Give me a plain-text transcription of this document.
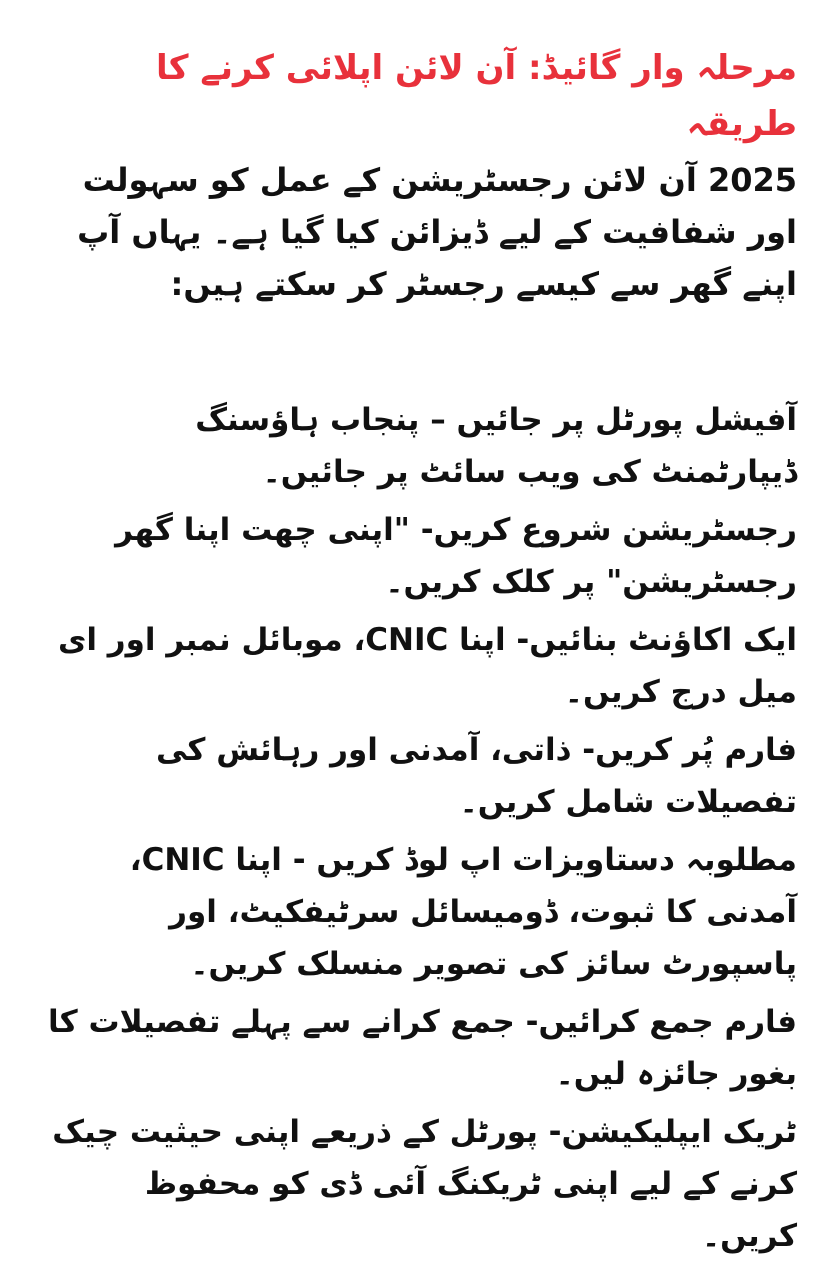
مرحلہ وار گائیڈ: آن لائن اپلائی کرنے کا طریقہ

2025 آن لائن رجسٹریشن کے عمل کو سہولت اور شفافیت کے لیے ڈیزائن کیا گیا ہے۔ یہاں آپ اپنے گھر سے کیسے رجسٹر کر سکتے ہیں:

آفیشل پورٹل پر جائیں – پنجاب ہاؤسنگ ڈیپارٹمنٹ کی ویب سائٹ پر جائیں۔
رجسٹریشن شروع کریں- "اپنی چھت اپنا گھر رجسٹریشن" پر کلک کریں۔
ایک اکاؤنٹ بنائیں- اپنا CNIC، موبائل نمبر اور ای میل درج کریں۔
فارم پُر کریں- ذاتی، آمدنی اور رہائش کی تفصیلات شامل کریں۔
مطلوبہ دستاویزات اپ لوڈ کریں - اپنا CNIC، آمدنی کا ثبوت، ڈومیسائل سرٹیفکیٹ، اور پاسپورٹ سائز کی تصویر منسلک کریں۔
فارم جمع کرائیں- جمع کرانے سے پہلے تفصیلات کا بغور جائزہ لیں۔
ٹریک ایپلیکیشن- پورٹل کے ذریعے اپنی حیثیت چیک کرنے کے لیے اپنی ٹریکنگ آئی ڈی کو محفوظ کریں۔
